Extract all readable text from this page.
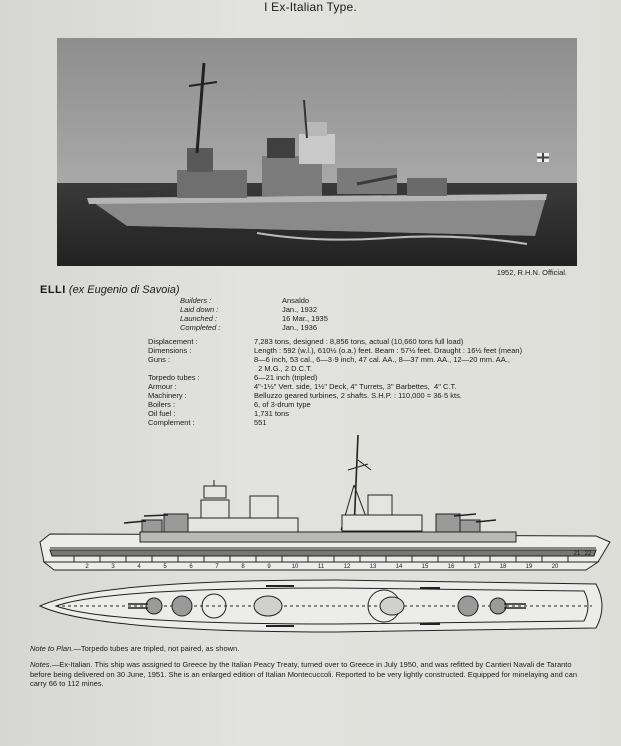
I Ex-Italian Type.
1952, R.H.N. Official.
ELLI (ex Eugenio di Savoia)
Builders :	Ansaldo
Laid down :	Jan., 1932
Launched :	16 Mar., 1935
Completed :	Jan., 1936
Displacement :	7,283 tons, designed : 8,856 tons, actual (10,660 tons full load)
Dimensions :	Length : 592 (w.l.), 610½ (o.a.) feet. Beam : 57½ feet. Draught : 16½ feet (mean)
Guns :	8—6 inch, 53 cal., 6—3·9 inch, 47 cal. AA., 8—37 mm. AA., 12—20 mm. AA.,
2 M.G., 2 D.C.T.
Torpedo tubes :	6—21 inch (tripled)
Armour :	4"-1½" Vert. side, 1½" Deck, 4" Turrets, 3" Barbettes,  4" C.T.
Machinery :	Belluzzo geared turbines, 2 shafts. S.H.P. : 110,000 = 36·5 kts.
Boilers :	6, of 3-drum type
Oil fuel :	1,731 tons
Complement :	551
2	3	4	5	6	7	8	9	10	11	12	13	14	15	16	17	18	19	20
21 22
Note to Plan.—Torpedo tubes are tripled, not paired, as shown.
Notes.—Ex-Italian. This ship was assigned to Greece by the Italian Peacy Treaty, turned over to Greece in July 1950, and was refitted by Cantieri Navali de Taranto before being delivered on 30 June, 1951. She is an enlarged edition of Italian Montecuccoli. Reported to be very lightly constructed. Equipped for minelaying and can carry 66 to 112 mines.
